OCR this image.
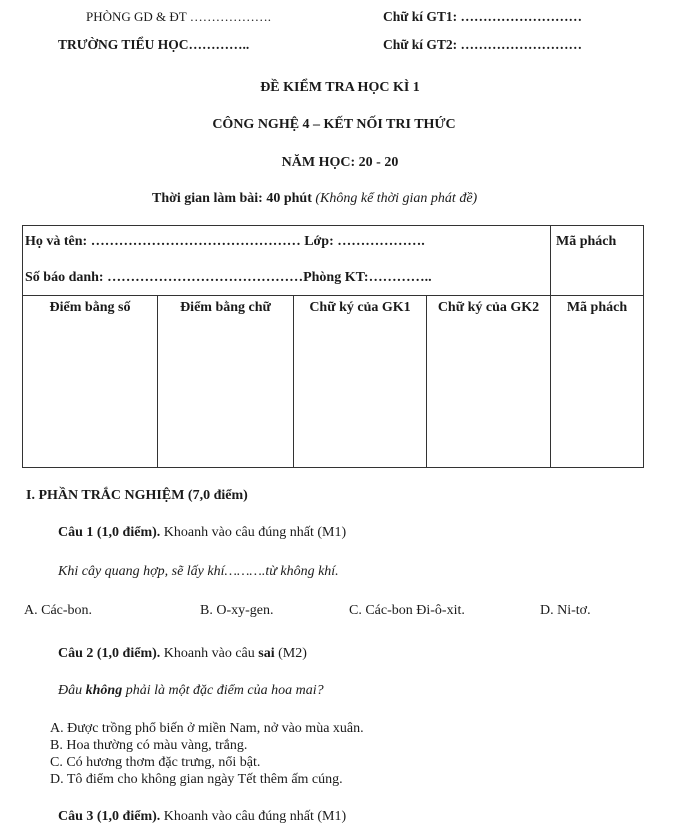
PHÒNG GD & ĐT ……………….	Chữ kí GT1: ………………………
TRƯỜNG TIỂU HỌC…………..	Chữ kí GT2: ………………………
ĐỀ KIỂM TRA HỌC KÌ 1
CÔNG NGHỆ 4 – KẾT NỐI TRI THỨC
NĂM HỌC: 20 - 20
Thời gian làm bài: 40 phút (Không kể thời gian phát đề)
Họ và tên: ……………………………………… Lớp: ……………….
Số báo danh: ……………………………………Phòng KT:…………..
Mã phách
Điểm bằng số	Điểm bằng chữ	Chữ ký của GK1	Chữ ký của GK2	Mã phách
I. PHẦN TRẮC NGHIỆM (7,0 điểm)
Câu 1 (1,0 điểm). Khoanh vào câu đúng nhất (M1)
Khi cây quang hợp, sẽ lấy khí……….từ không khí.
A. Các-bon.	B. O-xy-gen.	C. Các-bon Đi-ô-xit.	D. Ni-tơ.
Câu 2 (1,0 điểm). Khoanh vào câu sai (M2)
Đâu không phải là một đặc điểm của hoa mai?
A. Được trồng phổ biến ở miền Nam, nở vào mùa xuân.
B. Hoa thường có màu vàng, trắng.
C. Có hương thơm đặc trưng, nổi bật.
D. Tô điểm cho không gian ngày Tết thêm ấm cúng.
Câu 3 (1,0 điểm). Khoanh vào câu đúng nhất (M1)
